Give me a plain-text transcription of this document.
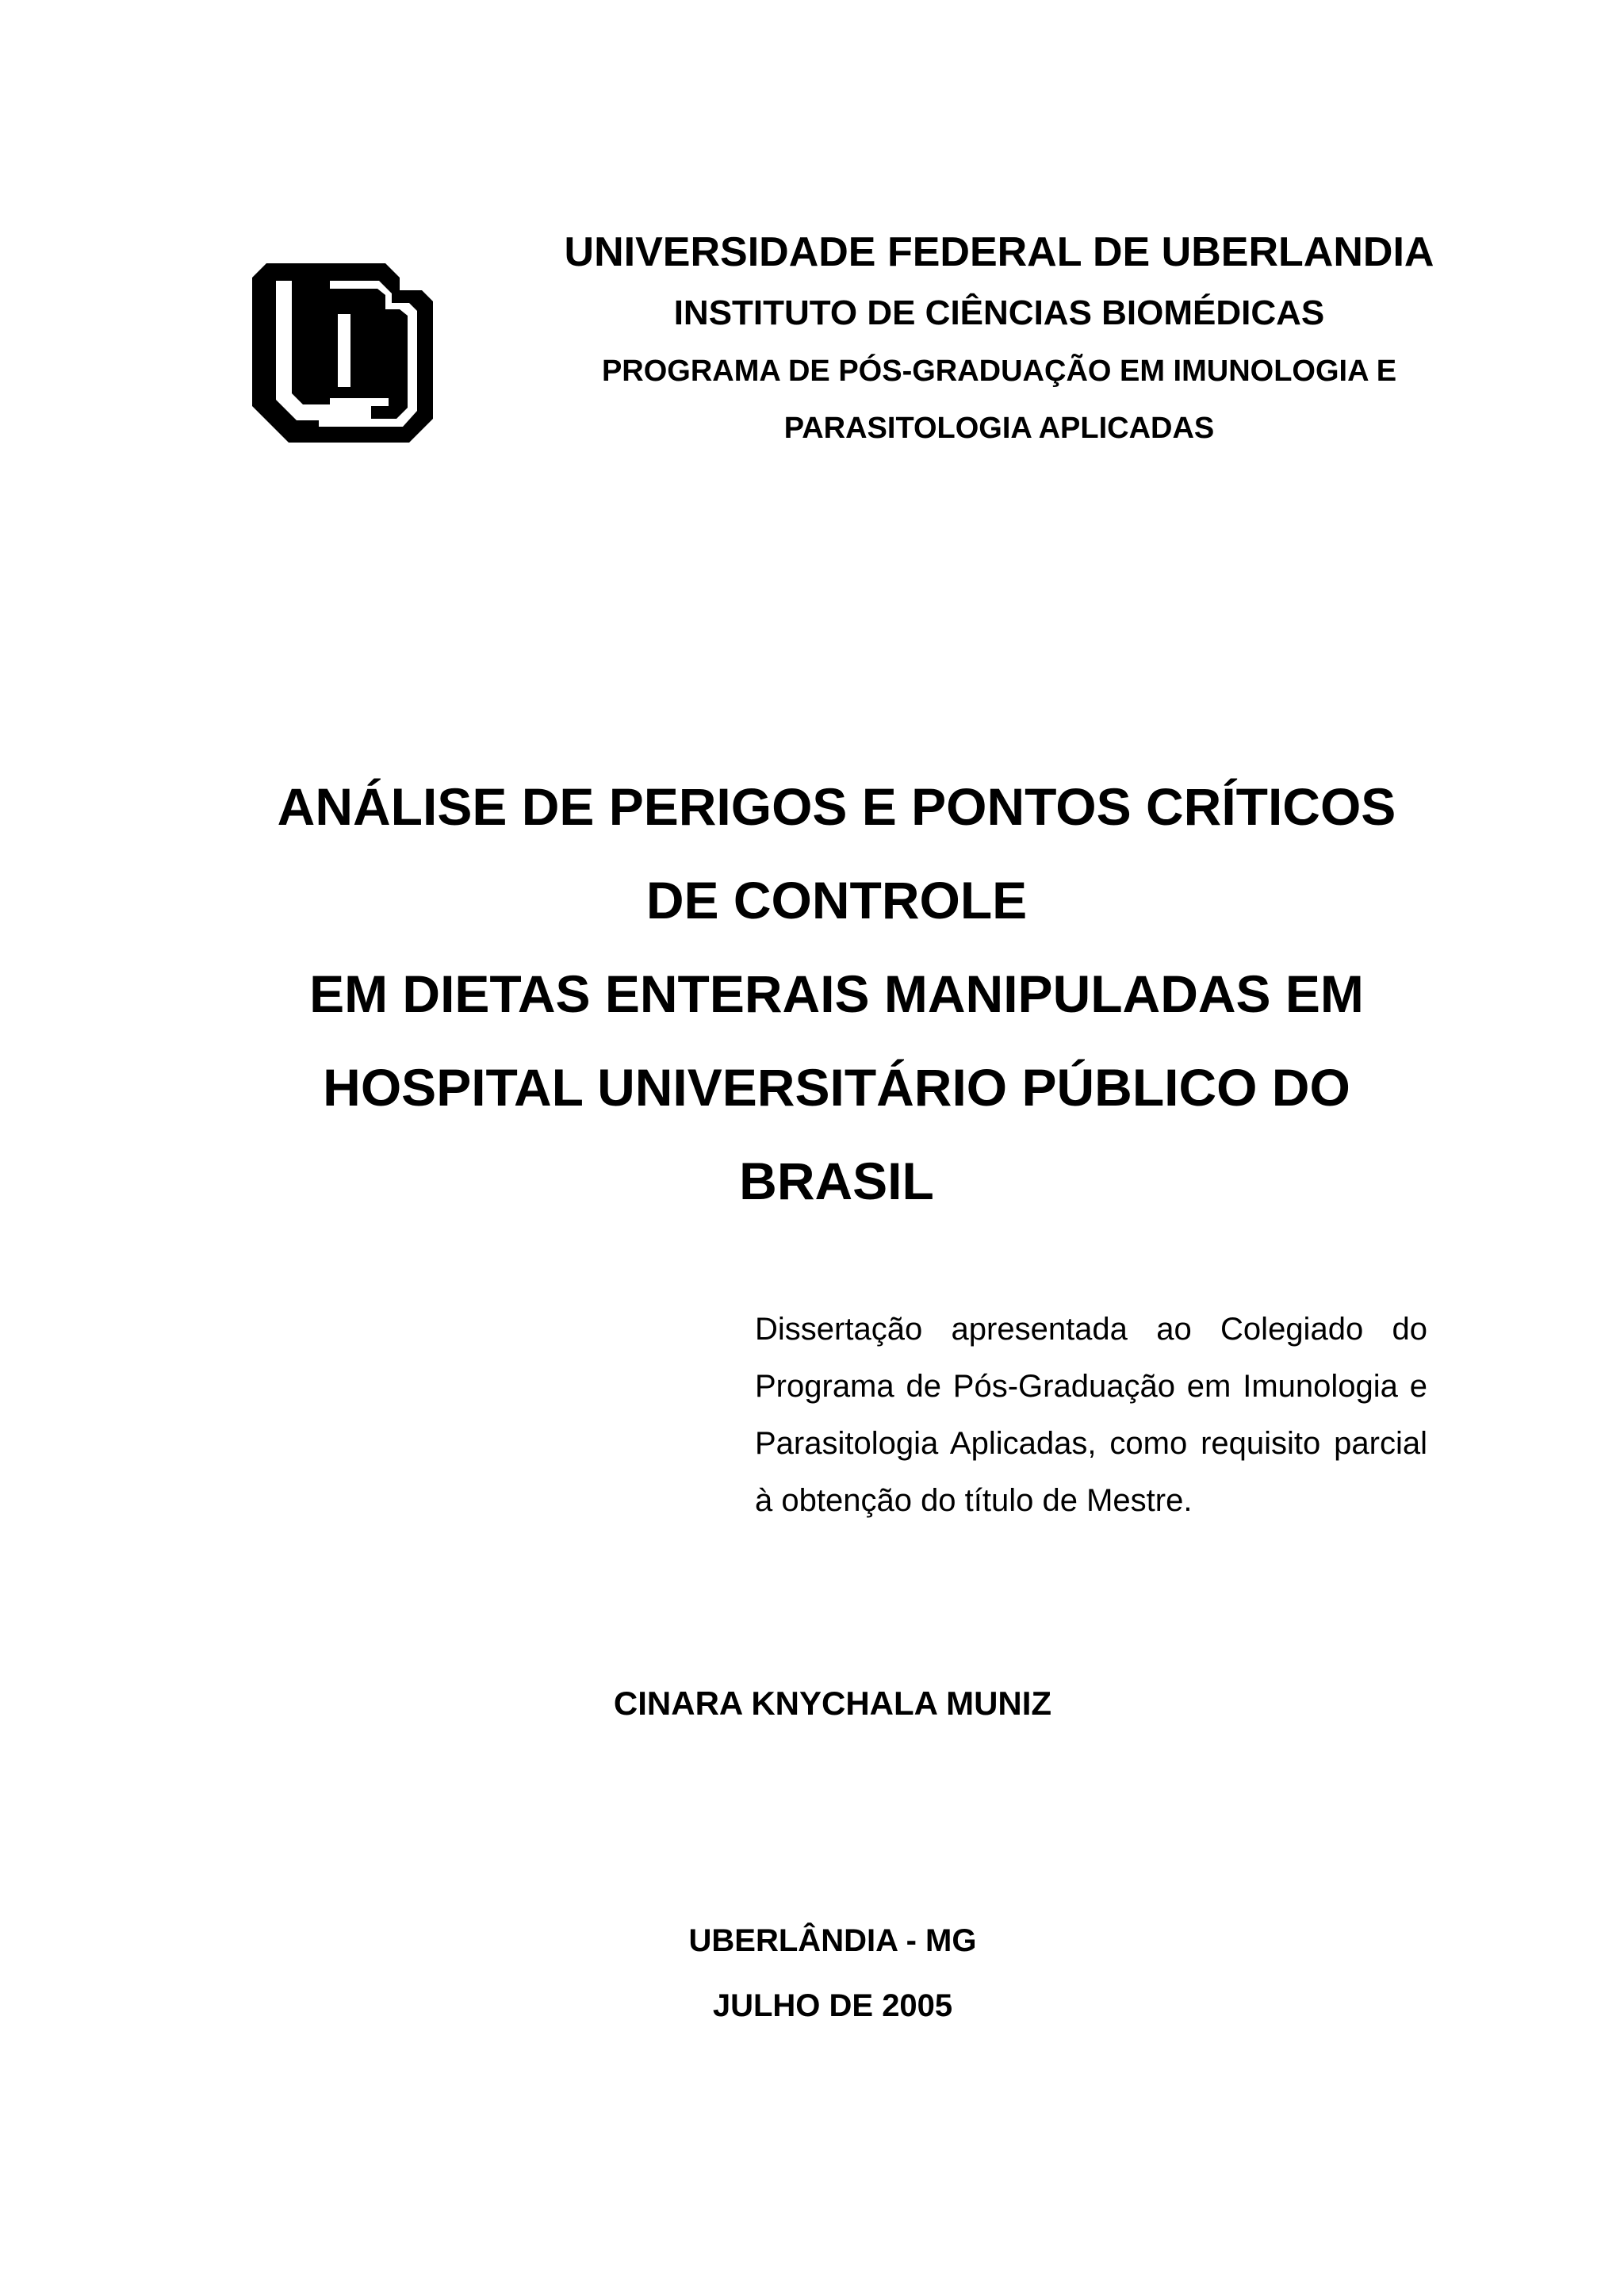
UNIVERSIDADE FEDERAL DE UBERLANDIA

INSTITUTO DE CIÊNCIAS BIOMÉDICAS

PROGRAMA DE PÓS-GRADUAÇÃO EM IMUNOLOGIA E

PARASITOLOGIA APLICADAS

ANÁLISE DE PERIGOS E PONTOS CRÍTICOS
DE CONTROLE
EM DIETAS ENTERAIS MANIPULADAS EM
HOSPITAL UNIVERSITÁRIO PÚBLICO DO
BRASIL
Dissertação apresentada ao Colegiado do Programa de Pós-Graduação em Imunologia e Parasitologia Aplicadas, como requisito parcial à obtenção do título de Mestre.
CINARA KNYCHALA MUNIZ
UBERLÂNDIA - MG
JULHO DE 2005
